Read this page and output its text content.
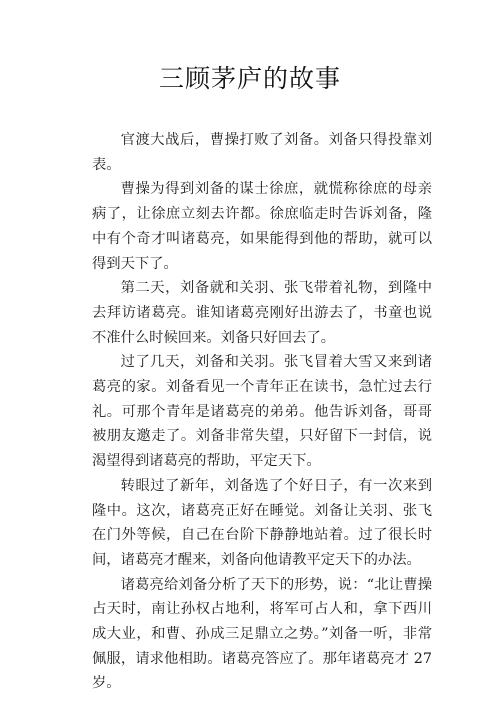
三顾茅庐的故事

官渡大战后，曹操打败了刘备。刘备只得投靠刘表。

曹操为得到刘备的谋士徐庶，就慌称徐庶的母亲病了，让徐庶立刻去许都。徐庶临走时告诉刘备，隆中有个奇才叫诸葛亮，如果能得到他的帮助，就可以得到天下了。

第二天，刘备就和关羽、张飞带着礼物，到隆中去拜访诸葛亮。谁知诸葛亮刚好出游去了，书童也说不准什么时候回来。刘备只好回去了。

过了几天，刘备和关羽。张飞冒着大雪又来到诸葛亮的家。刘备看见一个青年正在读书，急忙过去行礼。可那个青年是诸葛亮的弟弟。他告诉刘备，哥哥被朋友邀走了。刘备非常失望，只好留下一封信，说渴望得到诸葛亮的帮助，平定天下。

转眼过了新年，刘备选了个好日子，有一次来到隆中。这次，诸葛亮正好在睡觉。刘备让关羽、张飞在门外等候，自己在台阶下静静地站着。过了很长时间，诸葛亮才醒来，刘备向他请教平定天下的办法。

诸葛亮给刘备分析了天下的形势，说：“北让曹操占天时，南让孙权占地利，将军可占人和，拿下西川成大业，和曹、孙成三足鼎立之势。”刘备一听，非常佩服，请求他相助。诸葛亮答应了。那年诸葛亮才 27 岁。
